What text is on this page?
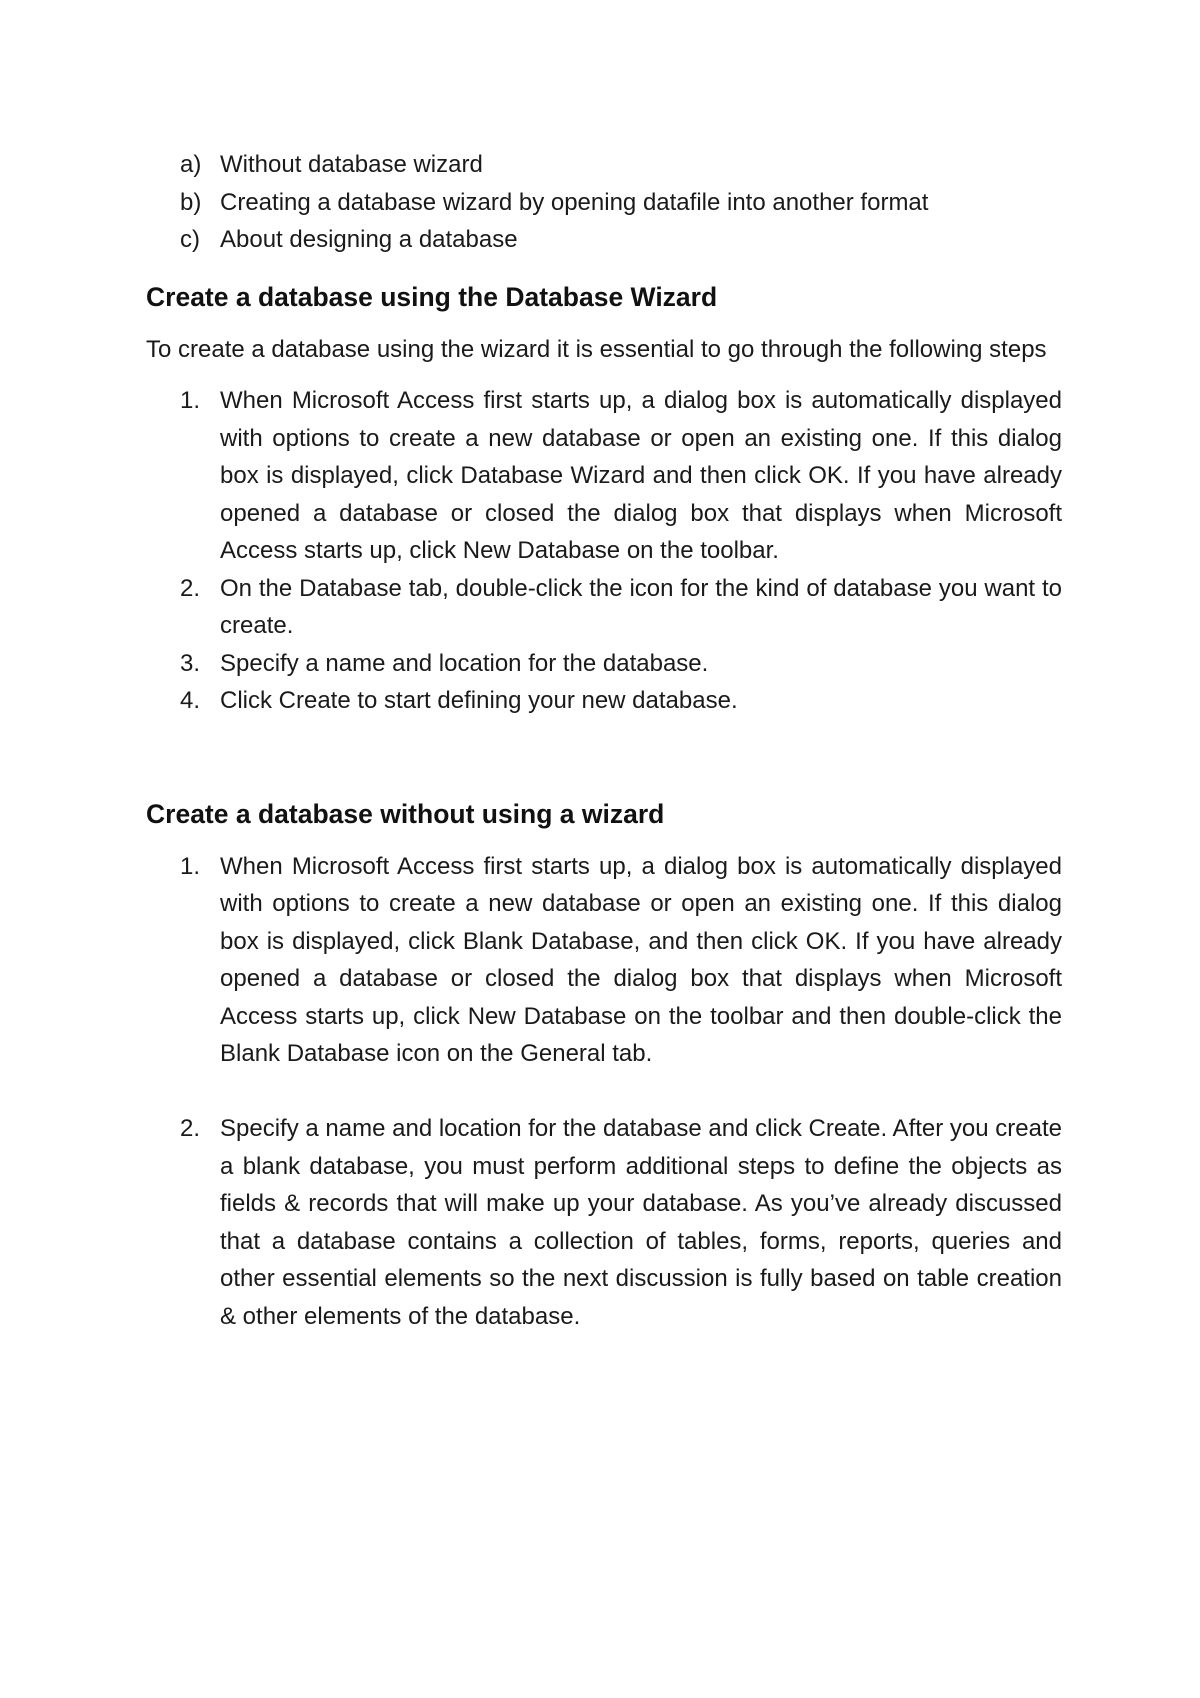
a) Without database wizard
b) Creating a database wizard by opening datafile into another format
c) About designing a database
Create a database using the Database Wizard

To create a database using the wizard it is essential to go through the following steps

1. When Microsoft Access first starts up, a dialog box is automatically displayed with options to create a new database or open an existing one. If this dialog box is displayed, click Database Wizard and then click OK. If you have already opened a database or closed the dialog box that displays when Microsoft Access starts up, click New Database on the toolbar.
2. On the Database tab, double-click the icon for the kind of database you want to create.
3. Specify a name and location for the database.
4. Click Create to start defining your new database.
Create a database without using a wizard
1. When Microsoft Access first starts up, a dialog box is automatically displayed with options to create a new database or open an existing one. If this dialog box is displayed, click Blank Database, and then click OK. If you have already opened a database or closed the dialog box that displays when Microsoft Access starts up, click New Database on the toolbar and then double-click the Blank Database icon on the General tab.
2. Specify a name and location for the database and click Create. After you create a blank database, you must perform additional steps to define the objects as fields & records that will make up your database. As you’ve already discussed that a database contains a collection of tables, forms, reports, queries and other essential elements so the next discussion is fully based on table creation & other elements of the database.
